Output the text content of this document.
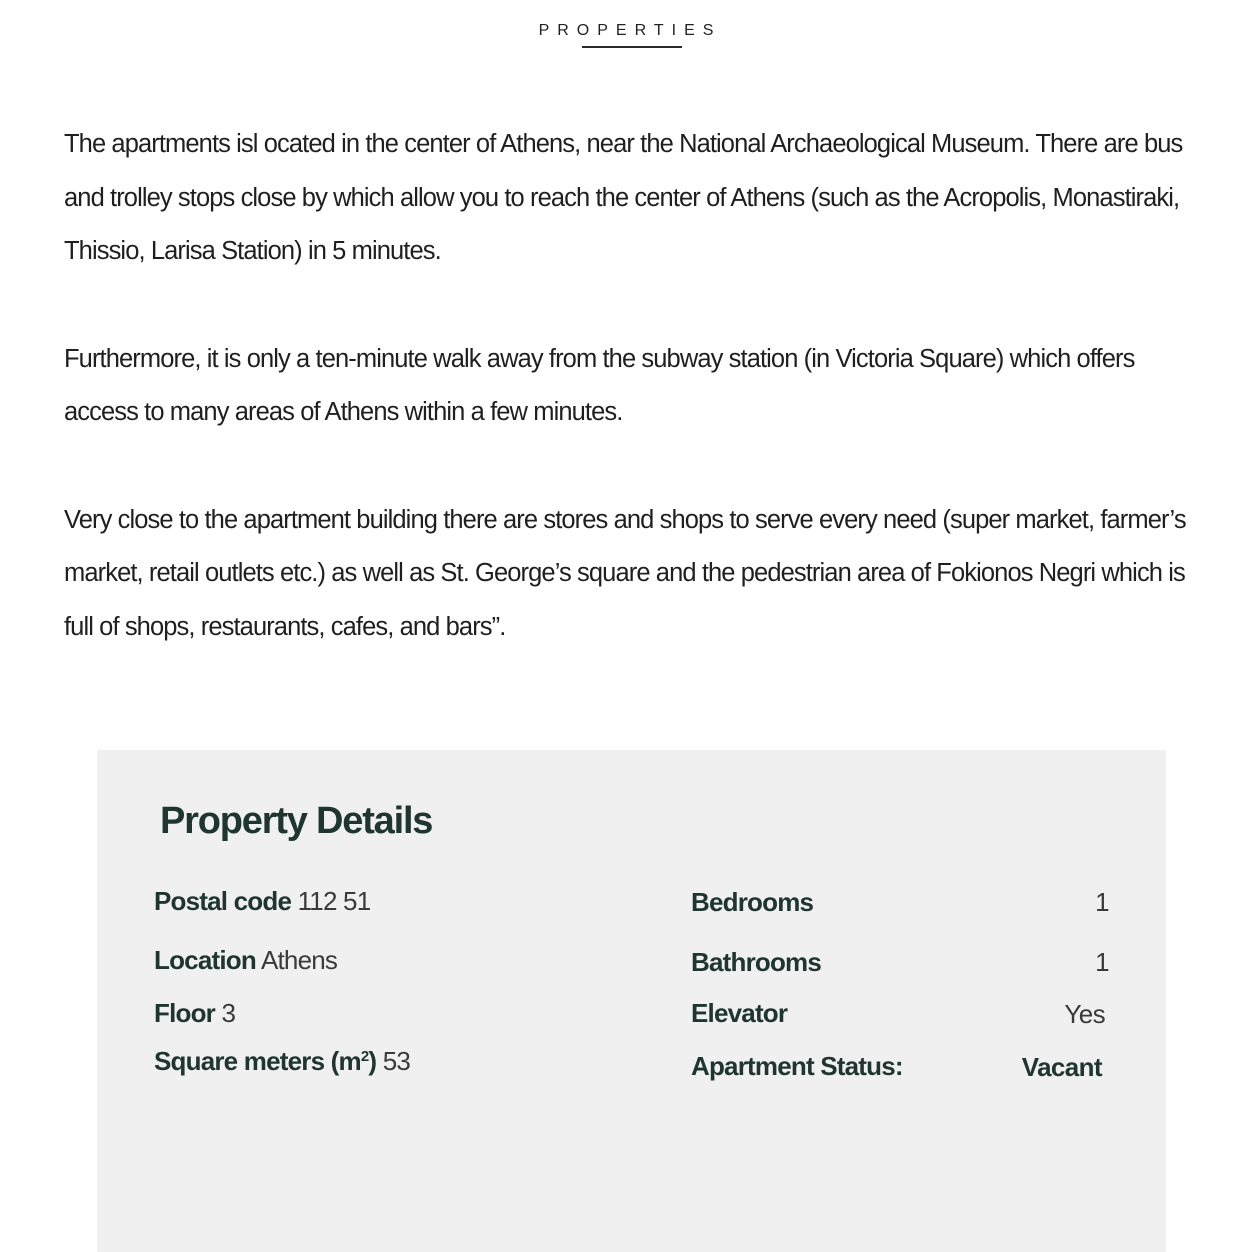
PROPERTIES

The apartments isl ocated in the center of Athens, near the National Archaeological Museum. There are bus and trolley stops close by which allow you to reach the center of Athens (such as the Acropolis, Monastiraki, Thissio, Larisa Station) in 5 minutes.

Furthermore, it is only a ten-minute walk away from the subway station (in Victoria Square) which offers access to many areas of Athens within a few minutes.

Very close to the apartment building there are stores and shops to serve every need (super market, farmer’s market, retail outlets etc.) as well as St. George’s square and the pedestrian area of Fokionos Negri which is full of shops, restaurants, cafes, and bars”.

Property Details
Postal code 112 51
Location Athens
Floor 3
Square meters $(m^2)$ 53
Bedrooms	1
Bathrooms	1
Elevator	Yes
Apartment Status:	Vacant
